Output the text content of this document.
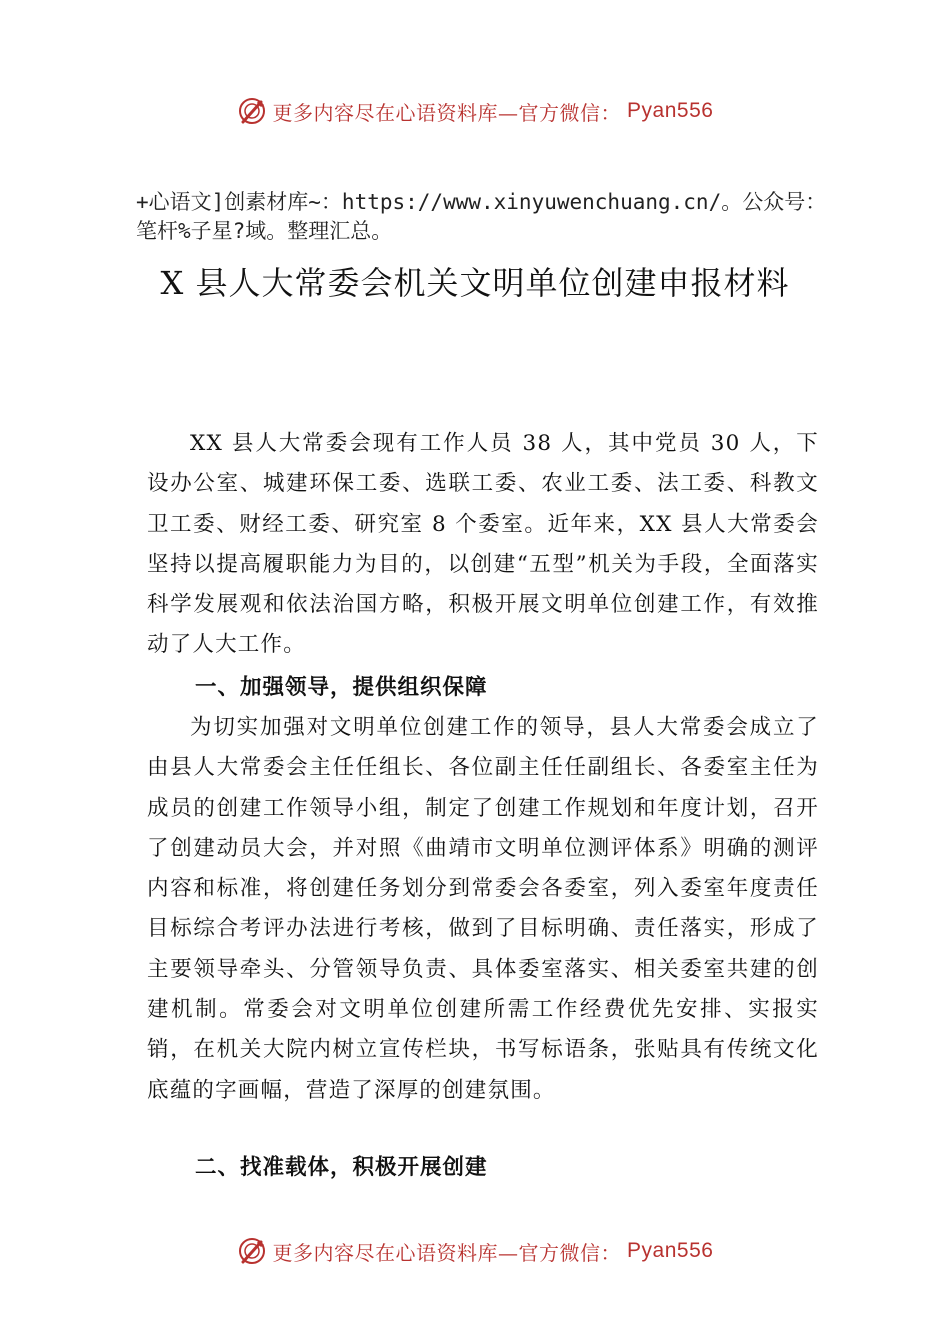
更多内容尽在心语资料库—官方微信： Pyan556
+心语文]创素材库~：https://www.xinyuwenchuang.cn/。公众号：笔杆%子星?域。整理汇总。
X 县人大常委会机关文明单位创建申报材料

XX 县人大常委会现有工作人员 38 人，其中党员 30 人，下设办公室、城建环保工委、选联工委、农业工委、法工委、科教文卫工委、财经工委、研究室 8 个委室。近年来，XX 县人大常委会坚持以提高履职能力为目的，以创建“五型”机关为手段，全面落实科学发展观和依法治国方略，积极开展文明单位创建工作，有效推动了人大工作。

一、加强领导，提供组织保障

为切实加强对文明单位创建工作的领导，县人大常委会成立了由县人大常委会主任任组长、各位副主任任副组长、各委室主任为成员的创建工作领导小组，制定了创建工作规划和年度计划，召开了创建动员大会，并对照《曲靖市文明单位测评体系》明确的测评内容和标准，将创建任务划分到常委会各委室，列入委室年度责任目标综合考评办法进行考核，做到了目标明确、责任落实，形成了主要领导牵头、分管领导负责、具体委室落实、相关委室共建的创建机制。常委会对文明单位创建所需工作经费优先安排、实报实销，在机关大院内树立宣传栏块，书写标语条，张贴具有传统文化底蕴的字画幅，营造了深厚的创建氛围。

二、找准载体，积极开展创建
更多内容尽在心语资料库—官方微信： Pyan556
